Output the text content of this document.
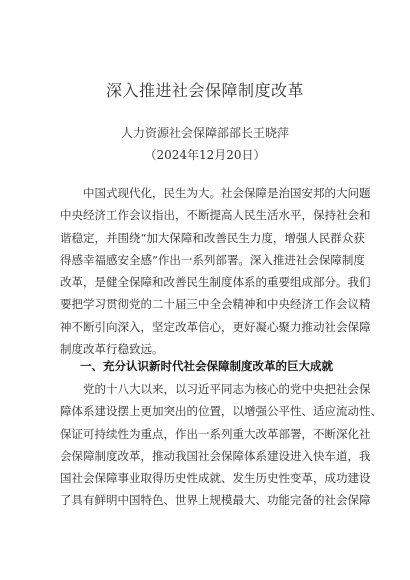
深入推进社会保障制度改革
人力资源社会保障部部长王晓萍
（2024年12月20日）
中国式现代化，民生为大。社会保障是治国安邦的大问题
中央经济工作会议指出，不断提高人民生活水平，保持社会和
谐稳定，并围绕“加大保障和改善民生力度，增强人民群众获
得感幸福感安全感”作出一系列部署。深入推进社会保障制度
改革，是健全保障和改善民生制度体系的重要组成部分。我们
要把学习贯彻党的二十届三中全会精神和中央经济工作会议精
神不断引向深入，坚定改革信心，更好凝心聚力推动社会保障
制度改革行稳致远。
一、充分认识新时代社会保障制度改革的巨大成就
党的十八大以来，以习近平同志为核心的党中央把社会保
障体系建设摆上更加突出的位置，以增强公平性、适应流动性、
保证可持续性为重点，作出一系列重大改革部署，不断深化社
会保障制度改革，推动我国社会保障体系建设进入快车道，我
国社会保障事业取得历史性成就、发生历史性变革，成功建设
了具有鲜明中国特色、世界上规模最大、功能完备的社会保障
